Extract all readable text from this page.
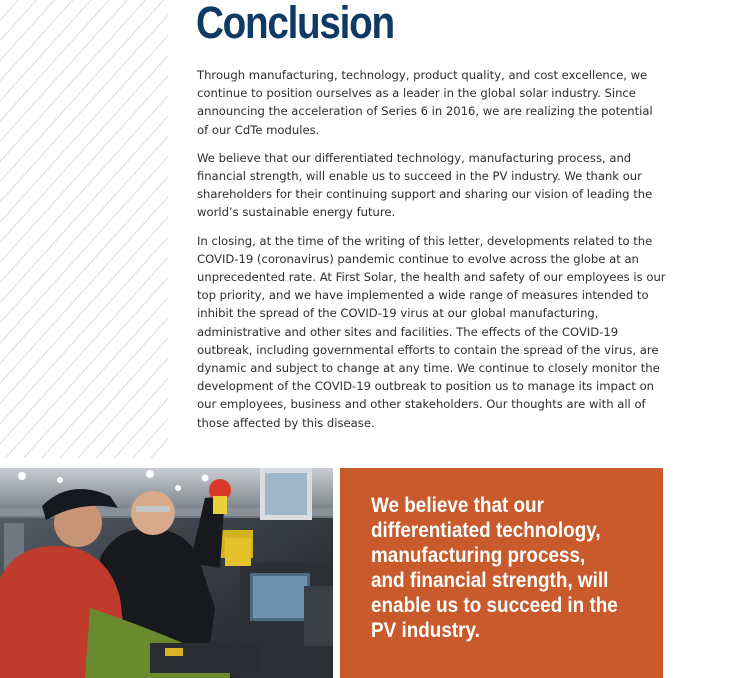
Conclusion

Through manufacturing, technology, product quality, and cost excellence, we continue to position ourselves as a leader in the global solar industry. Since announcing the acceleration of Series 6 in 2016, we are realizing the potential of our CdTe modules.

We believe that our differentiated technology, manufacturing process, and financial strength, will enable us to succeed in the PV industry. We thank our shareholders for their continuing support and sharing our vision of leading the world’s sustainable energy future.

In closing, at the time of the writing of this letter, developments related to the COVID-19 (coronavirus) pandemic continue to evolve across the globe at an unprecedented rate. At First Solar, the health and safety of our employees is our top priority, and we have implemented a wide range of measures intended to inhibit the spread of the COVID-19 virus at our global manufacturing, administrative and other sites and facilities. The effects of the COVID-19 outbreak, including governmental efforts to contain the spread of the virus, are dynamic and subject to change at any time. We continue to closely monitor the development of the COVID-19 outbreak to position us to manage its impact on our employees, business and other stakeholders. Our thoughts are with all of those affected by this disease.

We believe that our
differentiated technology,
manufacturing process,
and financial strength, will
enable us to succeed in the
PV industry.
